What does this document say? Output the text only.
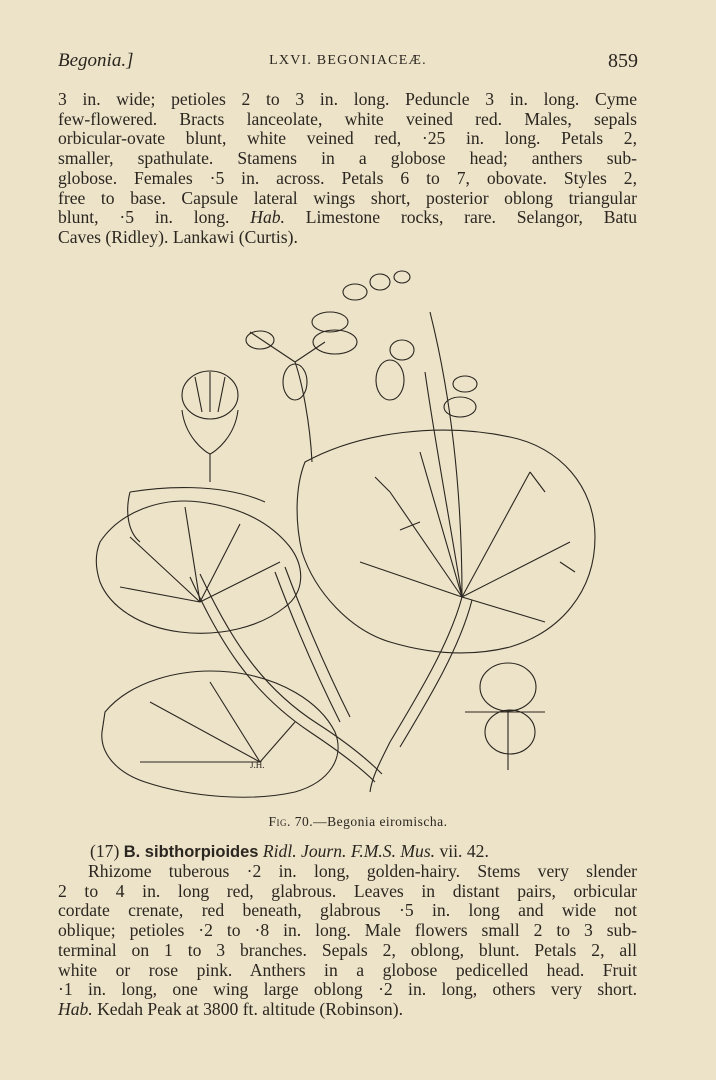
Begonia.]	LXVI. BEGONIACEÆ.	859
3 in. wide; petioles 2 to 3 in. long. Peduncle 3 in. long. Cyme
few-flowered. Bracts lanceolate, white veined red. Males, sepals
orbicular-ovate blunt, white veined red, ·25 in. long. Petals 2,
smaller, spathulate. Stamens in a globose head; anthers sub-
globose. Females ·5 in. across. Petals 6 to 7, obovate. Styles 2,
free to base. Capsule lateral wings short, posterior oblong triangular
blunt, ·5 in. long. Hab. Limestone rocks, rare. Selangor, Batu
Caves (Ridley). Lankawi (Curtis).
J.H.
Fig. 70.—Begonia eiromischa.
(17) B. sibthorpioides Ridl. Journ. F.M.S. Mus. vii. 42.
Rhizome tuberous ·2 in. long, golden-hairy. Stems very slender
2 to 4 in. long red, glabrous. Leaves in distant pairs, orbicular
cordate crenate, red beneath, glabrous ·5 in. long and wide not
oblique; petioles ·2 to ·8 in. long. Male flowers small 2 to 3 sub-
terminal on 1 to 3 branches. Sepals 2, oblong, blunt. Petals 2, all
white or rose pink. Anthers in a globose pedicelled head. Fruit
·1 in. long, one wing large oblong ·2 in. long, others very short.
Hab. Kedah Peak at 3800 ft. altitude (Robinson).
